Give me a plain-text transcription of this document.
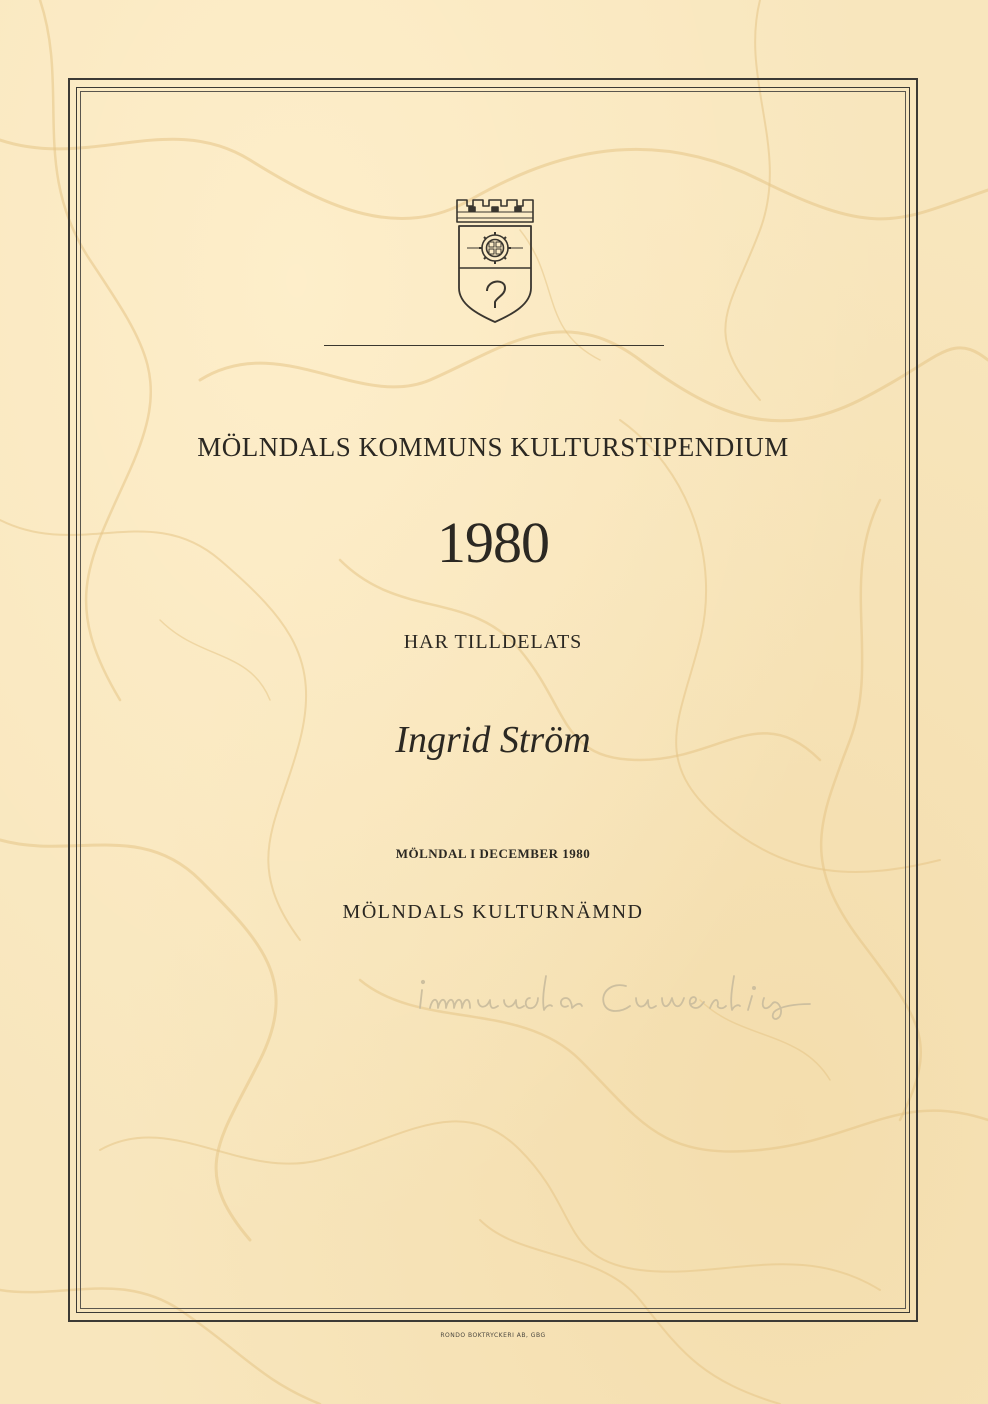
MÖLNDALS KOMMUNS KULTURSTIPENDIUM
1980
HAR TILLDELATS
Ingrid Ström
MÖLNDAL I DECEMBER 1980
MÖLNDALS KULTURNÄMND
RONDO BOKTRYCKERI AB, GBG
